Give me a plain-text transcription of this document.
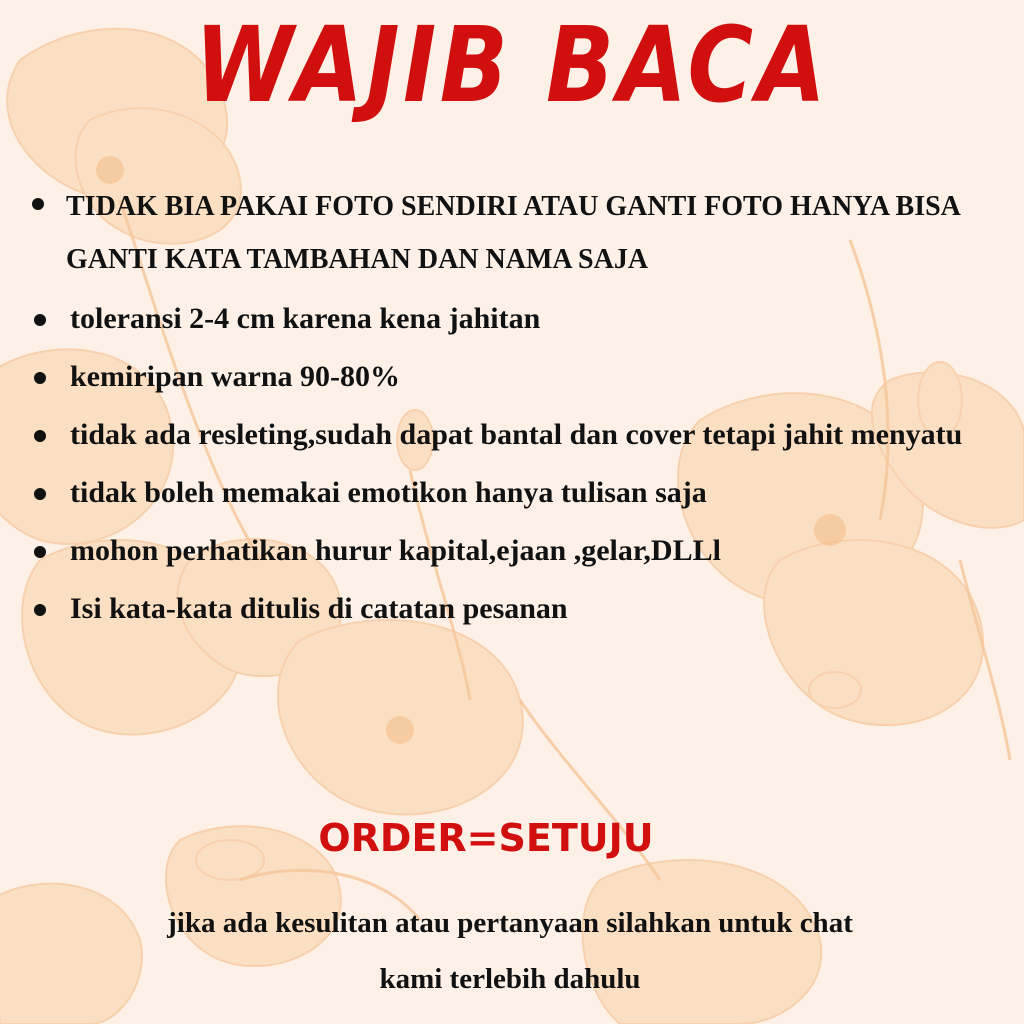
WAJIB BACA
TIDAK BIA PAKAI FOTO SENDIRI ATAU GANTI FOTO HANYA BISA GANTI KATA TAMBAHAN DAN NAMA SAJA
toleransi 2-4 cm karena kena jahitan
kemiripan warna 90-80%
tidak ada resleting,sudah dapat bantal dan cover tetapi jahit menyatu
tidak boleh memakai emotikon hanya tulisan saja
mohon perhatikan hurur kapital,ejaan ,gelar,DLLl
Isi kata-kata ditulis di catatan pesanan
ORDER=SETUJU
jika ada kesulitan atau pertanyaan silahkan untuk chat
kami terlebih dahulu
